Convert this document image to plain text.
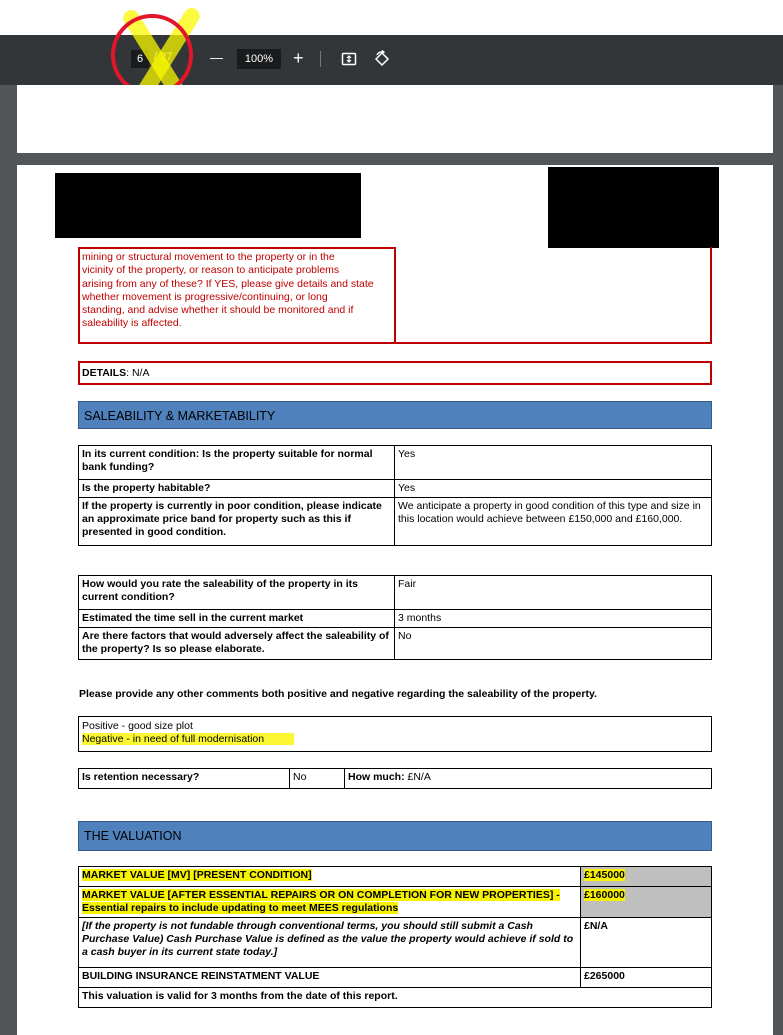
6	—	100%	+
mining or structural movement to the property or in the
vicinity of the property, or reason to anticipate problems
arising from any of these? If YES, please give details and state
whether movement is progressive/continuing, or long
standing, and advise whether it should be monitored and if
saleability is affected.
DETAILS: N/A
SALEABILITY & MARKETABILITY
In its current condition: Is the property suitable for normal bank funding?	Yes
Is the property habitable?	Yes
If the property is currently in poor condition, please indicate an approximate price band for property such as this if presented in good condition.	We anticipate a property in good condition of this type and size in this location would achieve between £150,000 and £160,000.
How would you rate the saleability of the property in its current condition?	Fair
Estimated the time sell in the current market	3 months
Are there factors that would adversely affect the saleability of the property? Is so please elaborate.	No
Please provide any other comments both positive and negative regarding the saleability of the property.
Positive - good size plot
Negative - in need of full modernisation
Is retention necessary?	No	How much: £N/A
THE VALUATION
MARKET VALUE [MV] [PRESENT CONDITION]	£145000
MARKET VALUE [AFTER ESSENTIAL REPAIRS OR ON COMPLETION FOR NEW PROPERTIES] -
Essential repairs to include updating to meet MEES regulations	£160000
[If the property is not fundable through conventional terms, you should still submit a Cash Purchase Value) Cash Purchase Value is defined as the value the property would achieve if sold to a cash buyer in its current state today.]	£N/A
BUILDING INSURANCE REINSTATMENT VALUE	£265000
This valuation is valid for 3 months from the date of this report.	
